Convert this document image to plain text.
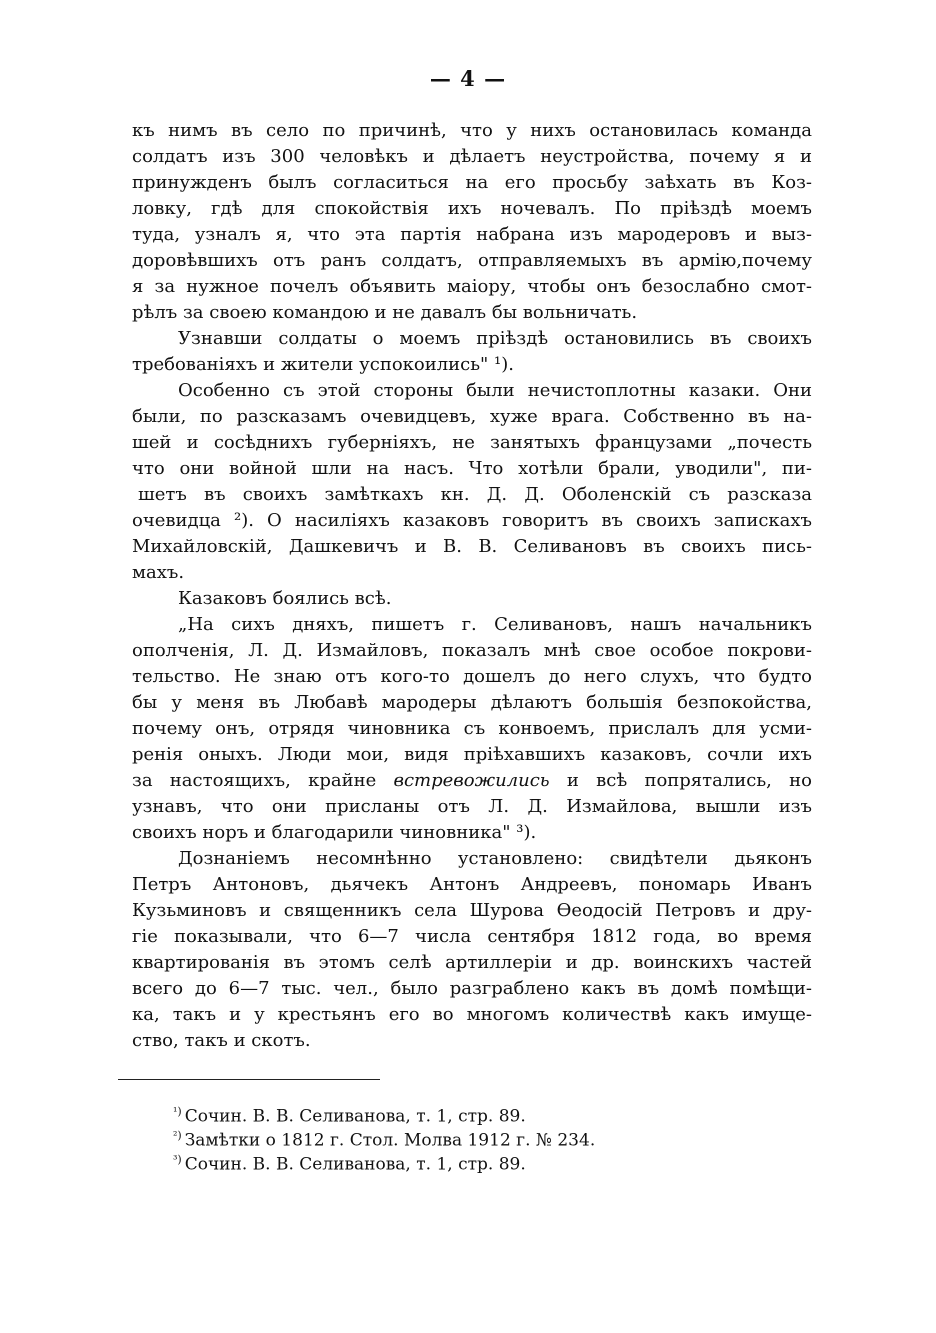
— 4 —
къ нимъ въ село по причинѣ, что у нихъ остановилась команда
солдатъ изъ 300 человѣкъ и дѣлаетъ неустройства, почему я и
принужденъ былъ согласиться на его просьбу заѣхать въ Коз-
ловку, гдѣ для спокойствія ихъ ночевалъ. По пріѣздѣ моемъ
туда, узналъ я, что эта партія набрана изъ мародеровъ и выз-
доровѣвшихъ отъ ранъ солдатъ, отправляемыхъ въ армію,почему
я за нужное почелъ объявить маіору, чтобы онъ безослабно смот-
рѣлъ за своею командою и не давалъ бы вольничать.
Узнавши солдаты о моемъ пріѣздѣ остановились въ своихъ
требованіяхъ и жители успокоились" ¹).
Особенно съ этой стороны были нечистоплотны казаки. Они
были, по разсказамъ очевидцевъ, хуже врага. Собственно въ на-
шей и сосѣднихъ губерніяхъ, не занятыхъ французами „почесть
что они войной шли на насъ. Что хотѣли брали, уводили", пи-
шетъ въ своихъ замѣткахъ кн. Д. Д. Оболенскій съ разсказа
очевидца ²). О насиліяхъ казаковъ говоритъ въ своихъ запискахъ
Михайловскій, Дашкевичъ и В. В. Селивановъ въ своихъ пись-
махъ.
Казаковъ боялись всѣ.
„На сихъ дняхъ, пишетъ г. Селивановъ, нашъ начальникъ
ополченія, Л. Д. Измайловъ, показалъ мнѣ свое особое покрови-
тельство. Не знаю отъ кого-то дошелъ до него слухъ, что будто
бы у меня въ Любавѣ мародеры дѣлаютъ большія безпокойства,
почему онъ, отрядя чиновника съ конвоемъ, прислалъ для усми-
ренія оныхъ. Люди мои, видя пріѣхавшихъ казаковъ, сочли ихъ
за настоящихъ, крайне встревожились и всѣ попрятались, но
узнавъ, что они присланы отъ Л. Д. Измайлова, вышли изъ
своихъ норъ и благодарили чиновника" ³).
Дознаніемъ несомнѣнно установлено: свидѣтели дьяконъ
Петръ Антоновъ, дьячекъ Антонъ Андреевъ, пономарь Иванъ
Кузьминовъ и священникъ села Шурова Ѳеодосій Петровъ и дру-
гіе показывали, что 6—7 числа сентября 1812 года, во время
квартированія въ этомъ селѣ артиллеріи и др. воинскихъ частей
всего до 6—7 тыс. чел., было разграблено какъ въ домѣ помѣщи-
ка, такъ и у крестьянъ его во многомъ количествѣ какъ имуще-
ство, такъ и скотъ.
$^{^1)}$ Сочин. В. В. Селиванова, т. 1, стр. 89.
$^{^2)}$ Замѣтки о 1812 г. Стол. Молва 1912 г. № 234.
$^{^3)}$ Сочин. В. В. Селиванова, т. 1, стр. 89.
